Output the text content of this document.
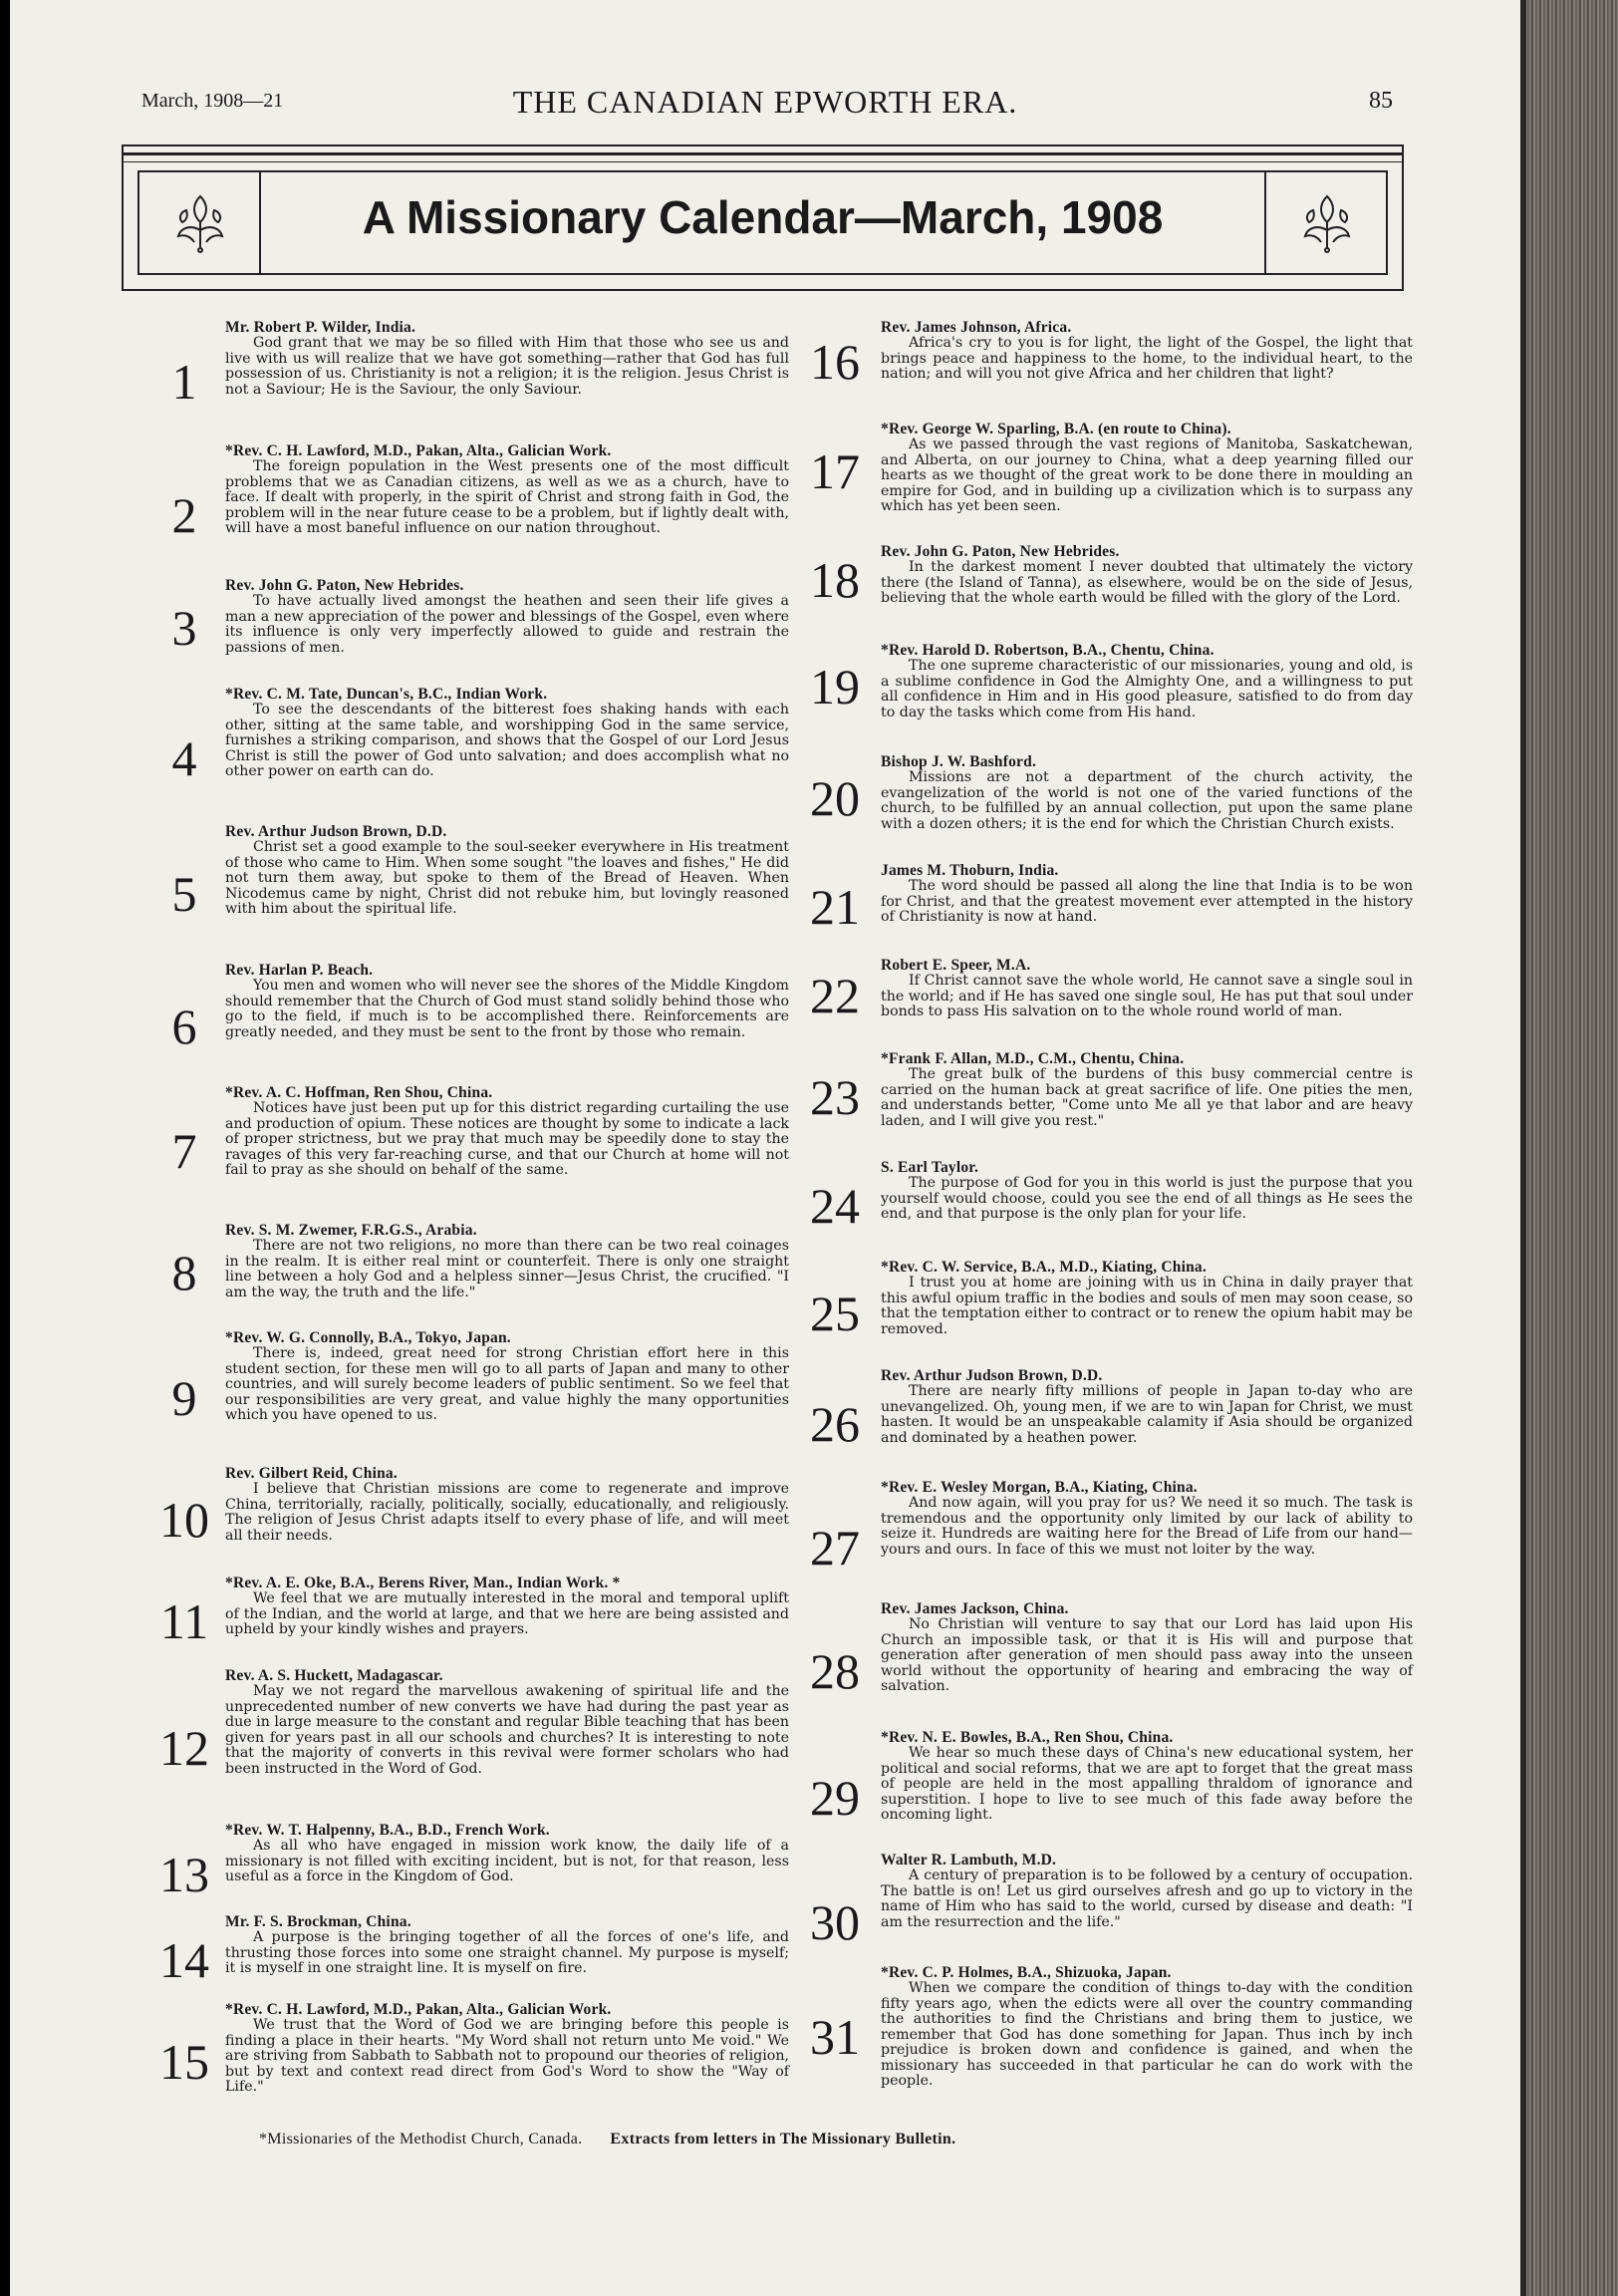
March, 1908—21	THE CANADIAN EPWORTH ERA.	85
A Missionary Calendar—March, 1908
1
Mr. Robert P. Wilder, India.
God grant that we may be so filled with Him that those who see us and live with us will realize that we have got something—rather that God has full possession of us. Christianity is not a religion; it is the religion. Jesus Christ is not a Saviour; He is the Saviour, the only Saviour.
2
*Rev. C. H. Lawford, M.D., Pakan, Alta., Galician Work.
The foreign population in the West presents one of the most difficult problems that we as Canadian citizens, as well as we as a church, have to face. If dealt with properly, in the spirit of Christ and strong faith in God, the problem will in the near future cease to be a problem, but if lightly dealt with, will have a most baneful influence on our nation throughout.
3
Rev. John G. Paton, New Hebrides.
To have actually lived amongst the heathen and seen their life gives a man a new appreciation of the power and blessings of the Gospel, even where its influence is only very imperfectly allowed to guide and restrain the passions of men.
4
*Rev. C. M. Tate, Duncan's, B.C., Indian Work.
To see the descendants of the bitterest foes shaking hands with each other, sitting at the same table, and worshipping God in the same service, furnishes a striking comparison, and shows that the Gospel of our Lord Jesus Christ is still the power of God unto salvation; and does accomplish what no other power on earth can do.
5
Rev. Arthur Judson Brown, D.D.
Christ set a good example to the soul-seeker everywhere in His treatment of those who came to Him. When some sought "the loaves and fishes," He did not turn them away, but spoke to them of the Bread of Heaven. When Nicodemus came by night, Christ did not rebuke him, but lovingly reasoned with him about the spiritual life.
6
Rev. Harlan P. Beach.
You men and women who will never see the shores of the Middle Kingdom should remember that the Church of God must stand solidly behind those who go to the field, if much is to be accomplished there. Reinforcements are greatly needed, and they must be sent to the front by those who remain.
7
*Rev. A. C. Hoffman, Ren Shou, China.
Notices have just been put up for this district regarding curtailing the use and production of opium. These notices are thought by some to indicate a lack of proper strictness, but we pray that much may be speedily done to stay the ravages of this very far-reaching curse, and that our Church at home will not fail to pray as she should on behalf of the same.
8
Rev. S. M. Zwemer, F.R.G.S., Arabia.
There are not two religions, no more than there can be two real coinages in the realm. It is either real mint or counterfeit. There is only one straight line between a holy God and a helpless sinner—Jesus Christ, the crucified. "I am the way, the truth and the life."
9
*Rev. W. G. Connolly, B.A., Tokyo, Japan.
There is, indeed, great need for strong Christian effort here in this student section, for these men will go to all parts of Japan and many to other countries, and will surely become leaders of public sentiment. So we feel that our responsibilities are very great, and value highly the many opportunities which you have opened to us.
10
Rev. Gilbert Reid, China.
I believe that Christian missions are come to regenerate and improve China, territorially, racially, politically, socially, educationally, and religiously. The religion of Jesus Christ adapts itself to every phase of life, and will meet all their needs.
11
*Rev. A. E. Oke, B.A., Berens River, Man., Indian Work. *
We feel that we are mutually interested in the moral and temporal uplift of the Indian, and the world at large, and that we here are being assisted and upheld by your kindly wishes and prayers.
12
Rev. A. S. Huckett, Madagascar.
May we not regard the marvellous awakening of spiritual life and the unprecedented number of new converts we have had during the past year as due in large measure to the constant and regular Bible teaching that has been given for years past in all our schools and churches? It is interesting to note that the majority of converts in this revival were former scholars who had been instructed in the Word of God.
13
*Rev. W. T. Halpenny, B.A., B.D., French Work.
As all who have engaged in mission work know, the daily life of a missionary is not filled with exciting incident, but is not, for that reason, less useful as a force in the Kingdom of God.
14
Mr. F. S. Brockman, China.
A purpose is the bringing together of all the forces of one's life, and thrusting those forces into some one straight channel. My purpose is myself; it is myself in one straight line. It is myself on fire.
15
*Rev. C. H. Lawford, M.D., Pakan, Alta., Galician Work.
We trust that the Word of God we are bringing before this people is finding a place in their hearts. "My Word shall not return unto Me void." We are striving from Sabbath to Sabbath not to propound our theories of religion, but by text and context read direct from God's Word to show the "Way of Life."
16
Rev. James Johnson, Africa.
Africa's cry to you is for light, the light of the Gospel, the light that brings peace and happiness to the home, to the individual heart, to the nation; and will you not give Africa and her children that light?
17
*Rev. George W. Sparling, B.A. (en route to China).
As we passed through the vast regions of Manitoba, Saskatchewan, and Alberta, on our journey to China, what a deep yearning filled our hearts as we thought of the great work to be done there in moulding an empire for God, and in building up a civilization which is to surpass any which has yet been seen.
18
Rev. John G. Paton, New Hebrides.
In the darkest moment I never doubted that ultimately the victory there (the Island of Tanna), as elsewhere, would be on the side of Jesus, believing that the whole earth would be filled with the glory of the Lord.
19
*Rev. Harold D. Robertson, B.A., Chentu, China.
The one supreme characteristic of our missionaries, young and old, is a sublime confidence in God the Almighty One, and a willingness to put all confidence in Him and in His good pleasure, satisfied to do from day to day the tasks which come from His hand.
20
Bishop J. W. Bashford.
Missions are not a department of the church activity, the evangelization of the world is not one of the varied functions of the church, to be fulfilled by an annual collection, put upon the same plane with a dozen others; it is the end for which the Christian Church exists.
21
James M. Thoburn, India.
The word should be passed all along the line that India is to be won for Christ, and that the greatest movement ever attempted in the history of Christianity is now at hand.
22
Robert E. Speer, M.A.
If Christ cannot save the whole world, He cannot save a single soul in the world; and if He has saved one single soul, He has put that soul under bonds to pass His salvation on to the whole round world of man.
23
*Frank F. Allan, M.D., C.M., Chentu, China.
The great bulk of the burdens of this busy commercial centre is carried on the human back at great sacrifice of life. One pities the men, and understands better, "Come unto Me all ye that labor and are heavy laden, and I will give you rest."
24
S. Earl Taylor.
The purpose of God for you in this world is just the purpose that you yourself would choose, could you see the end of all things as He sees the end, and that purpose is the only plan for your life.
25
*Rev. C. W. Service, B.A., M.D., Kiating, China.
I trust you at home are joining with us in China in daily prayer that this awful opium traffic in the bodies and souls of men may soon cease, so that the temptation either to contract or to renew the opium habit may be removed.
26
Rev. Arthur Judson Brown, D.D.
There are nearly fifty millions of people in Japan to-day who are unevangelized. Oh, young men, if we are to win Japan for Christ, we must hasten. It would be an unspeakable calamity if Asia should be organized and dominated by a heathen power.
27
*Rev. E. Wesley Morgan, B.A., Kiating, China.
And now again, will you pray for us? We need it so much. The task is tremendous and the opportunity only limited by our lack of ability to seize it. Hundreds are waiting here for the Bread of Life from our hand—yours and ours. In face of this we must not loiter by the way.
28
Rev. James Jackson, China.
No Christian will venture to say that our Lord has laid upon His Church an impossible task, or that it is His will and purpose that generation after generation of men should pass away into the unseen world without the opportunity of hearing and embracing the way of salvation.
29
*Rev. N. E. Bowles, B.A., Ren Shou, China.
We hear so much these days of China's new educational system, her political and social reforms, that we are apt to forget that the great mass of people are held in the most appalling thraldom of ignorance and superstition. I hope to live to see much of this fade away before the oncoming light.
30
Walter R. Lambuth, M.D.
A century of preparation is to be followed by a century of occupation. The battle is on! Let us gird ourselves afresh and go up to victory in the name of Him who has said to the world, cursed by disease and death: "I am the resurrection and the life."
31
*Rev. C. P. Holmes, B.A., Shizuoka, Japan.
When we compare the condition of things to-day with the condition fifty years ago, when the edicts were all over the country commanding the authorities to find the Christians and bring them to justice, we remember that God has done something for Japan. Thus inch by inch prejudice is broken down and confidence is gained, and when the missionary has succeeded in that particular he can do work with the people.
*Missionaries of the Methodist Church, Canada. Extracts from letters in The Missionary Bulletin.
